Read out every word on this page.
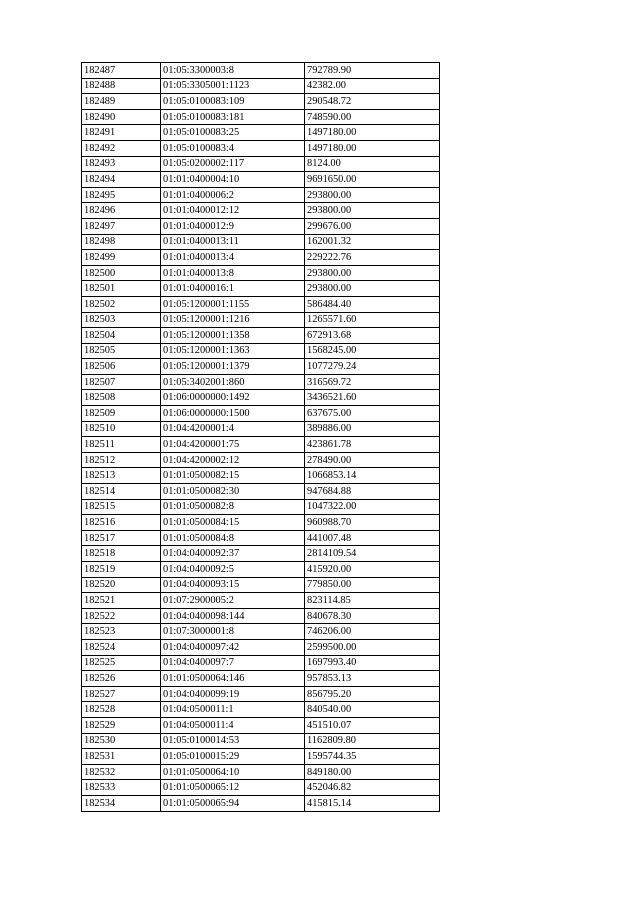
182487	01:05:3300003:8	792789.90
182488	01:05:3305001:1123	42382.00
182489	01:05:0100083:109	290548.72
182490	01:05:0100083:181	748590.00
182491	01:05:0100083:25	1497180.00
182492	01:05:0100083:4	1497180.00
182493	01:05:0200002:117	8124.00
182494	01:01:0400004:10	9691650.00
182495	01:01:0400006:2	293800.00
182496	01:01:0400012:12	293800.00
182497	01:01:0400012:9	299676.00
182498	01:01:0400013:11	162001.32
182499	01:01:0400013:4	229222.76
182500	01:01:0400013:8	293800.00
182501	01:01:0400016:1	293800.00
182502	01:05:1200001:1155	586484.40
182503	01:05:1200001:1216	1265571.60
182504	01:05:1200001:1358	672913.68
182505	01:05:1200001:1363	1568245.00
182506	01:05:1200001:1379	1077279.24
182507	01:05:3402001:860	316569.72
182508	01:06:0000000:1492	3436521.60
182509	01:06:0000000:1500	637675.00
182510	01:04:4200001:4	389886.00
182511	01:04:4200001:75	423861.78
182512	01:04:4200002:12	278490.00
182513	01:01:0500082:15	1066853.14
182514	01:01:0500082:30	947684.88
182515	01:01:0500082:8	1047322.00
182516	01:01:0500084:15	960988.70
182517	01:01:0500084:8	441007.48
182518	01:04:0400092:37	2814109.54
182519	01:04:0400092:5	415920.00
182520	01:04:0400093:15	779850.00
182521	01:07:2900005:2	823114.85
182522	01:04:0400098:144	840678.30
182523	01:07:3000001:8	746206.00
182524	01:04:0400097:42	2599500.00
182525	01:04:0400097:7	1697993.40
182526	01:01:0500064:146	957853.13
182527	01:04:0400099:19	856795.20
182528	01:04:0500011:1	840540.00
182529	01:04:0500011:4	451510.07
182530	01:05:0100014:53	1162809.80
182531	01:05:0100015:29	1595744.35
182532	01:01:0500064:10	849180.00
182533	01:01:0500065:12	452046.82
182534	01:01:0500065:94	415815.14
